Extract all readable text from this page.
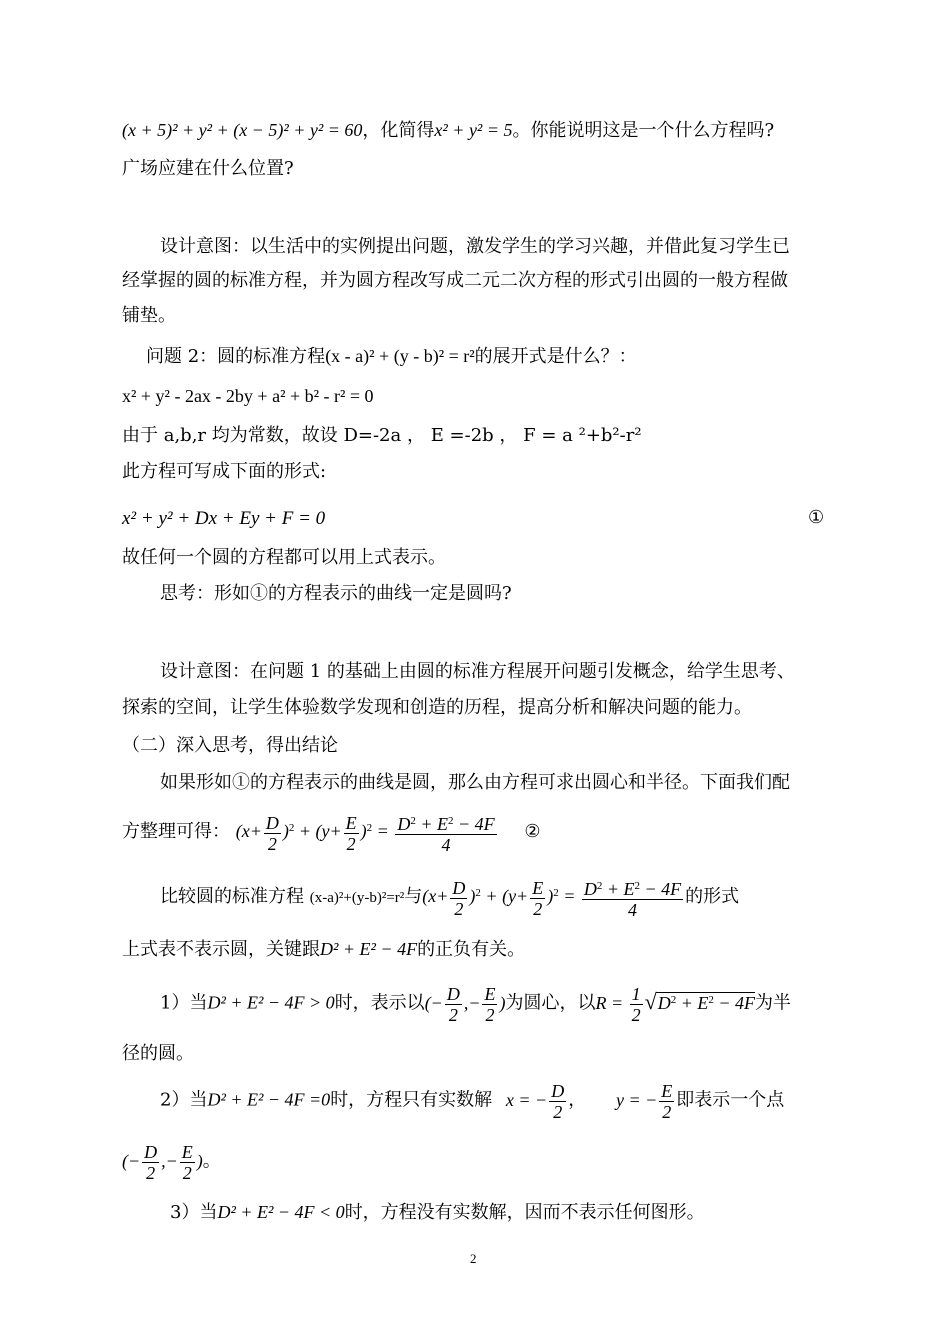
(x + 5)² + y² + (x − 5)² + y² = 60，化简得x² + y² = 5。你能说明这是一个什么方程吗?
广场应建在什么位置?
设计意图：以生活中的实例提出问题，激发学生的学习兴趣，并借此复习学生已
经掌握的圆的标准方程，并为圆方程改写成二元二次方程的形式引出圆的一般方程做
铺垫。
问题 2：圆的标准方程(x - a)² + (y - b)² = r²的展开式是什么？：
x² + y² - 2ax - 2by + a² + b² - r² = 0
由于 a,b,r 均为常数，故设 D=-2a ， E =-2b ， F = a ²+b²-r²
此方程可写成下面的形式:
x² + y² + Dx + Ey + F = 0	①
故任何一个圆的方程都可以用上式表示。
思考：形如①的方程表示的曲线一定是圆吗?
设计意图：在问题 1 的基础上由圆的标准方程展开问题引发概念，给学生思考、
探索的空间，让学生体验数学发现和创造的历程，提高分析和解决问题的能力。
（二）深入思考，得出结论
如果形如①的方程表示的曲线是圆，那么由方程可求出圆心和半径。下面我们配
方整理可得： $(x+ \frac{D}{2} )^2 + (y+ \frac{E}{2} )^2 = \frac{D^2 + E^2 - 4F}{4}$ ②
比较圆的标准方程 (x-a)²+(y-b)²=r²与$(x+ \frac{D}{2} )^2 + (y+ \frac{E}{2} )^2 = \frac{D^2 + E^2 - 4F}{4}$ 的形式
上式表不表示圆，关键跟D² + E² − 4F的正负有关。
1）当D² + E² − 4F > 0时，表示以(− $\frac{D}{2}$ ,− $\frac{E}{2}$ )为圆心，以$R = \frac{1}{2} √D^2 + E^2 - 4F$为半
径的圆。
2）当D² + E² − 4F =0时，方程只有实数解 x = − $\frac{D}{2}$ ， y = − $\frac{E}{2}$ 即表示一个点
(− $\frac{D}{2}$ ,− $\frac{E}{2}$ )。
3）当D² + E² − 4F < 0时，方程没有实数解，因而不表示任何图形。
2
